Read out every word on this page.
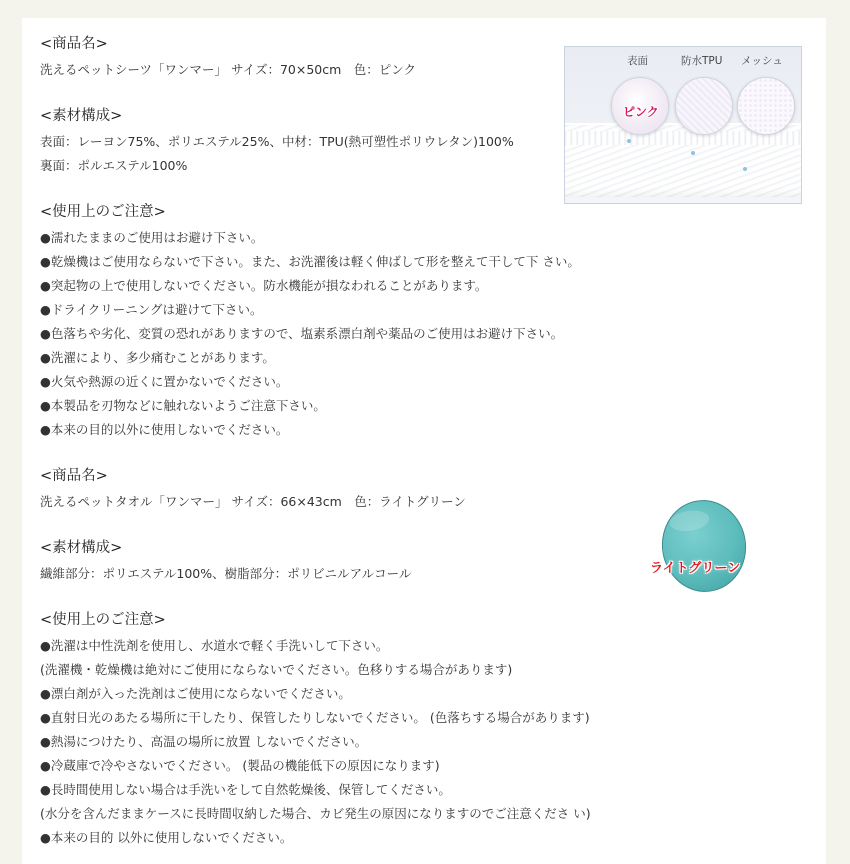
<商品名>
洗えるペットシーツ「ワンマー」 サイズ：70×50cm　色：ピンク
<素材構成>
表面：レーヨン75%、ポリエステル25%、中材：TPU(熱可塑性ポリウレタン)100%
裏面：ポルエステル100%
<使用上のご注意>
●濡れたままのご使用はお避け下さい。
●乾燥機はご使用ならないで下さい。また、お洗濯後は軽く伸ばして形を整えて干して下 さい。
●突起物の上で使用しないでください。防水機能が損なわれることがあります。
●ドライクリーニングは避けて下さい。
●色落ちや劣化、変質の恐れがありますので、塩素系漂白剤や薬品のご使用はお避け下さい。
●洗濯により、多少痛むことがあります。
●火気や熱源の近くに置かないでください。
●本製品を刃物などに触れないようご注意下さい。
●本来の目的以外に使用しないでください。
<商品名>
洗えるペットタオル「ワンマー」 サイズ：66×43cm　色：ライトグリーン
<素材構成>
繊維部分：ポリエステル100%、樹脂部分：ポリビニルアルコール
<使用上のご注意>
●洗濯は中性洗剤を使用し、水道水で軽く手洗いして下さい。
(洗濯機・乾燥機は絶対にご使用にならないでください。色移りする場合があります)
●漂白剤が入った洗剤はご使用にならないでください。
●直射日光のあたる場所に干したり、保管したりしないでください。 (色落ちする場合があります)
●熱湯につけたり、高温の場所に放置 しないでください。
●冷蔵庫で冷やさないでください。 (製品の機能低下の原因になります)
●長時間使用しない場合は手洗いをして自然乾燥後、保管してください。
(水分を含んだままケースに長時間収納した場合、カビ発生の原因になりますのでご注意くださ い)
●本来の目的 以外に使用しないでください。
表面	防水TPU メッシュ
ピンク
ライトグリーン
